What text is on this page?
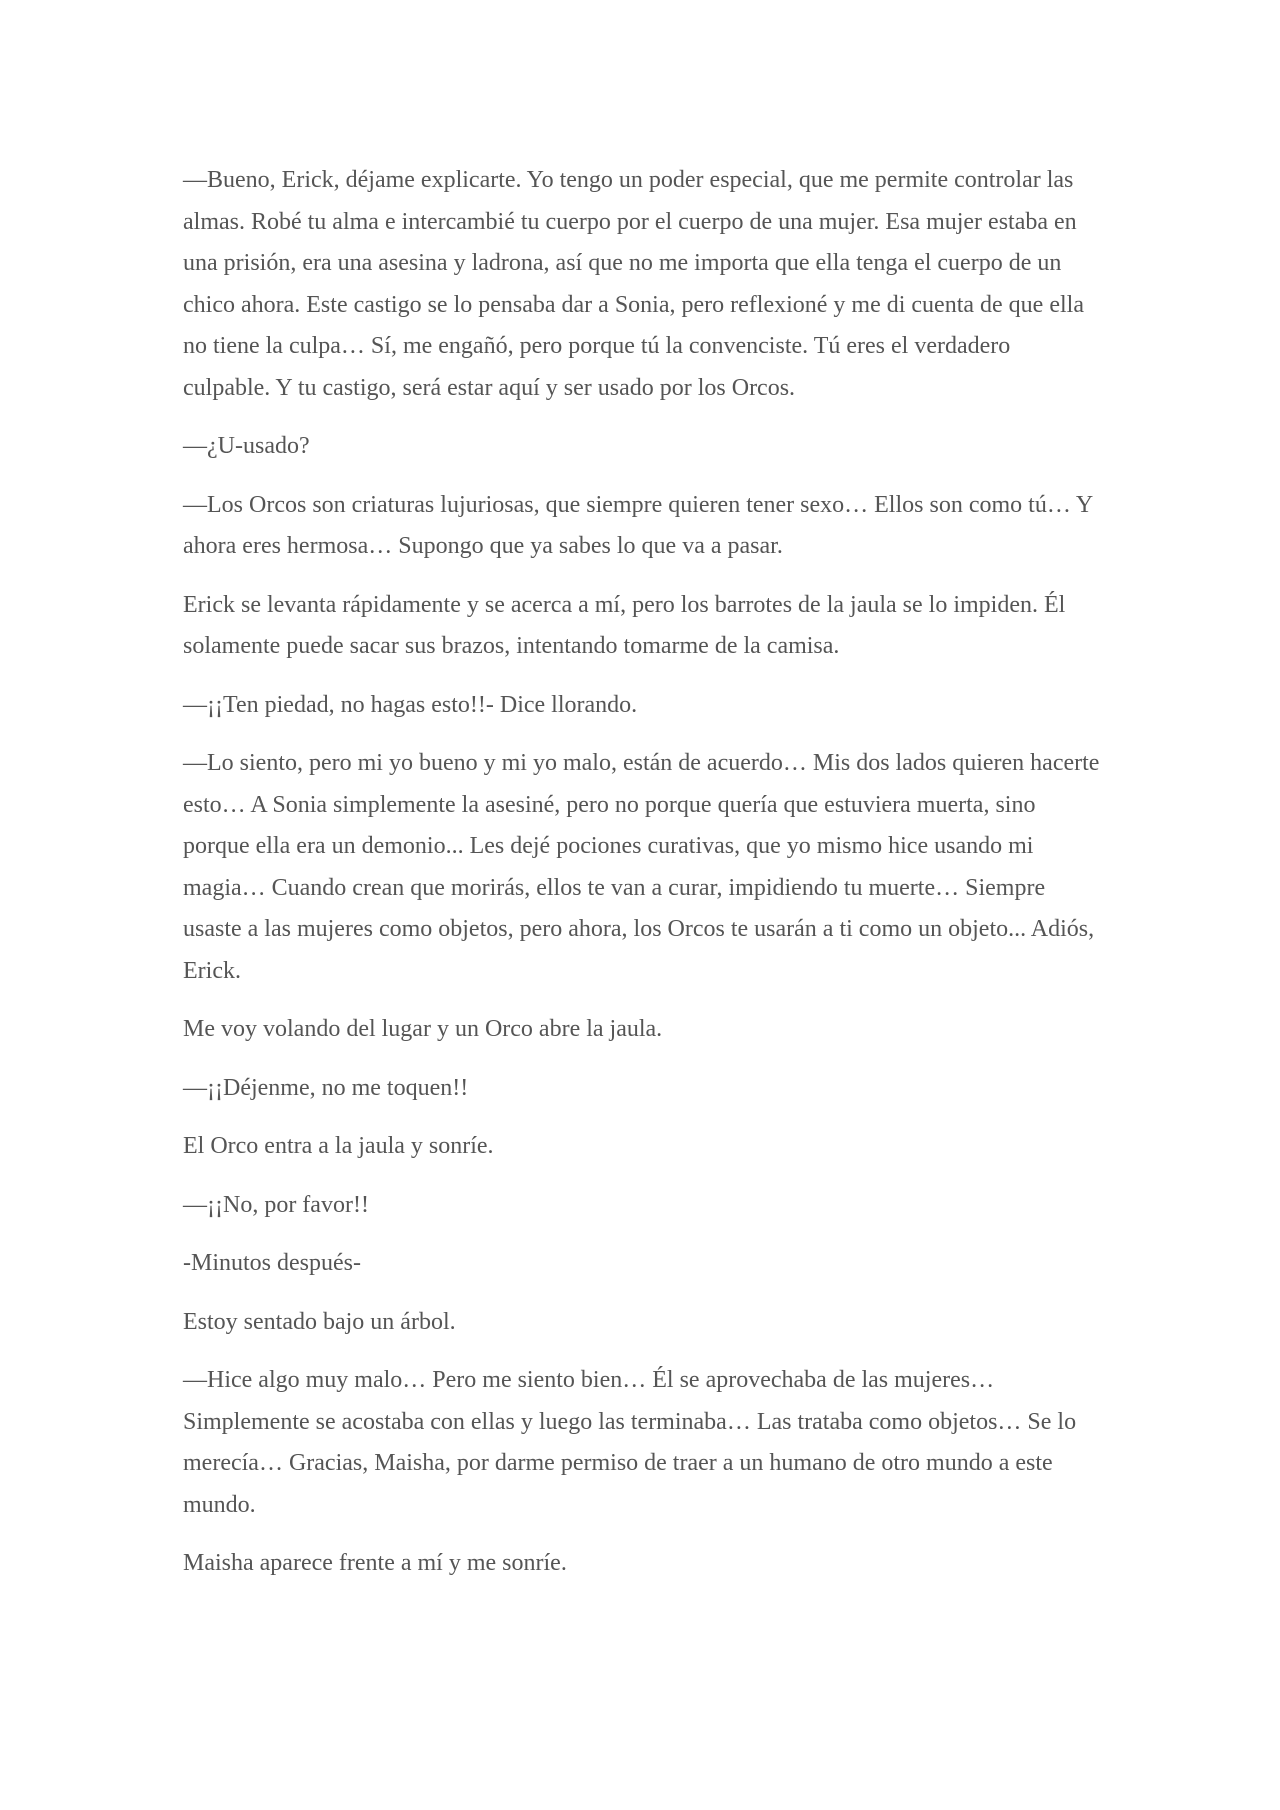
—Bueno, Erick, déjame explicarte. Yo tengo un poder especial, que me permite controlar las almas. Robé tu alma e intercambié tu cuerpo por el cuerpo de una mujer. Esa mujer estaba en una prisión, era una asesina y ladrona, así que no me importa que ella tenga el cuerpo de un chico ahora. Este castigo se lo pensaba dar a Sonia, pero reflexioné y me di cuenta de que ella no tiene la culpa… Sí, me engañó, pero porque tú la convenciste. Tú eres el verdadero culpable. Y tu castigo, será estar aquí y ser usado por los Orcos.

—¿U-usado?

—Los Orcos son criaturas lujuriosas, que siempre quieren tener sexo… Ellos son como tú… Y ahora eres hermosa… Supongo que ya sabes lo que va a pasar.

Erick se levanta rápidamente y se acerca a mí, pero los barrotes de la jaula se lo impiden. Él solamente puede sacar sus brazos, intentando tomarme de la camisa.

—¡¡Ten piedad, no hagas esto!!- Dice llorando.

—Lo siento, pero mi yo bueno y mi yo malo, están de acuerdo… Mis dos lados quieren hacerte esto… A Sonia simplemente la asesiné, pero no porque quería que estuviera muerta, sino porque ella era un demonio... Les dejé pociones curativas, que yo mismo hice usando mi magia… Cuando crean que morirás, ellos te van a curar, impidiendo tu muerte… Siempre usaste a las mujeres como objetos, pero ahora, los Orcos te usarán a ti como un objeto... Adiós, Erick.

Me voy volando del lugar y un Orco abre la jaula.

—¡¡Déjenme, no me toquen!!

El Orco entra a la jaula y sonríe.

—¡¡No, por favor!!

-Minutos después-

Estoy sentado bajo un árbol.

—Hice algo muy malo… Pero me siento bien… Él se aprovechaba de las mujeres… Simplemente se acostaba con ellas y luego las terminaba… Las trataba como objetos… Se lo merecía… Gracias, Maisha, por darme permiso de traer a un humano de otro mundo a este mundo.

Maisha aparece frente a mí y me sonríe.
